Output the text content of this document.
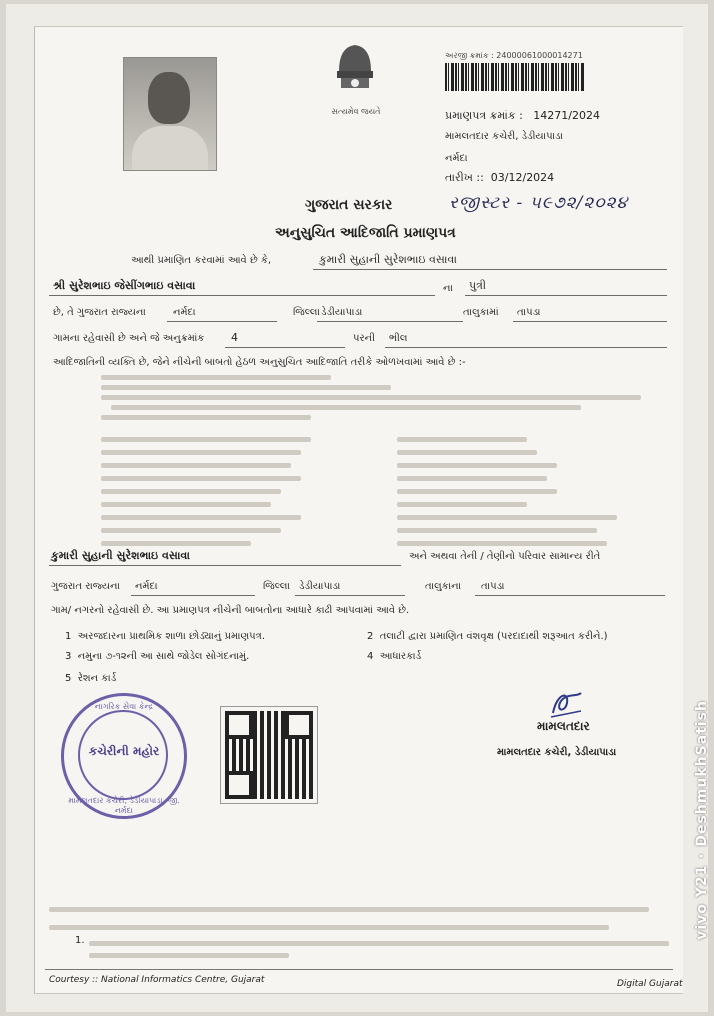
સત્યમેવ જયતે
અરજી ક્રમાંક : 24000061000014271
પ્રમાણપત્ર ક્રમાંક : 14271/2024
મામલતદાર કચેરી, ડેડીયાપાડા
નર્મદા
તારીખ :: 03/12/2024
રજીસ્ટર - ૫૯૭૨/૨૦૨૪
ગુજરાત સરકાર
અનુસુચિત આદિજાતિ પ્રમાણપત્ર
આથી પ્રમાણિત કરવામાં આવે છે કે,	કુમારી સુહાની સુરેશભાઇ વસાવા
શ્રી સુરેશભાઇ જેસીંગભાઇ વસાવા	ના પુત્રી
છે, તે ગુજરાત રાજ્યના	નર્મદા	જિલ્લા ડેડીયાપાડા	તાલુકામાં તાપડા
ગામના રહેવાસી છે અને જે અનુક્રમાંક 4	પરની ભીલ
આદિજાતિની વ્યક્તિ છે, જેને નીચેની બાબતો હેઠળ અનુસુચિત આદિજાતિ તરીકે ઓળખવામાં આવે છે :-
કુમારી સુહાની સુરેશભાઇ વસાવા	અને અથવા તેની / તેણીનો પરિવાર સામાન્ય રીતે
ગુજરાત રાજ્યના નર્મદા	જિલ્લા ડેડીયાપાડા	તાલુકાના તાપડા
ગામ/ નગરનો રહેવાસી છે. આ પ્રમાણપત્ર નીચેની બાબતોના આધારે કાઢી આપવામાં આવે છે.
1 અરજદારના પ્રાથમિક શાળા છોડ્યાનું પ્રમાણપત્ર.	2 તલાટી દ્વારા પ્રમાણિત વંશવૃક્ષ (પરદાદાથી શરૂઆત કરીને.)
3 નમુના ૭-૧૨ની આ સાથે જોડેલ સોગંદનામું.	4 આધારકાર્ડ
5 રેશન કાર્ડ
નાગરિક સેવા કેન્દ્ર
કચેરીની મહોર
મામલતદાર કચેરી, ડેડીયાપાડા, જી. નર્મદા
મામલતદાર
મામલતદાર કચેરી, ડેડીયાપાડા
1.
Courtesy :: National Informatics Centre, Gujarat	Digital Gujarat
vivo Y21 · DeshmukhSatish
